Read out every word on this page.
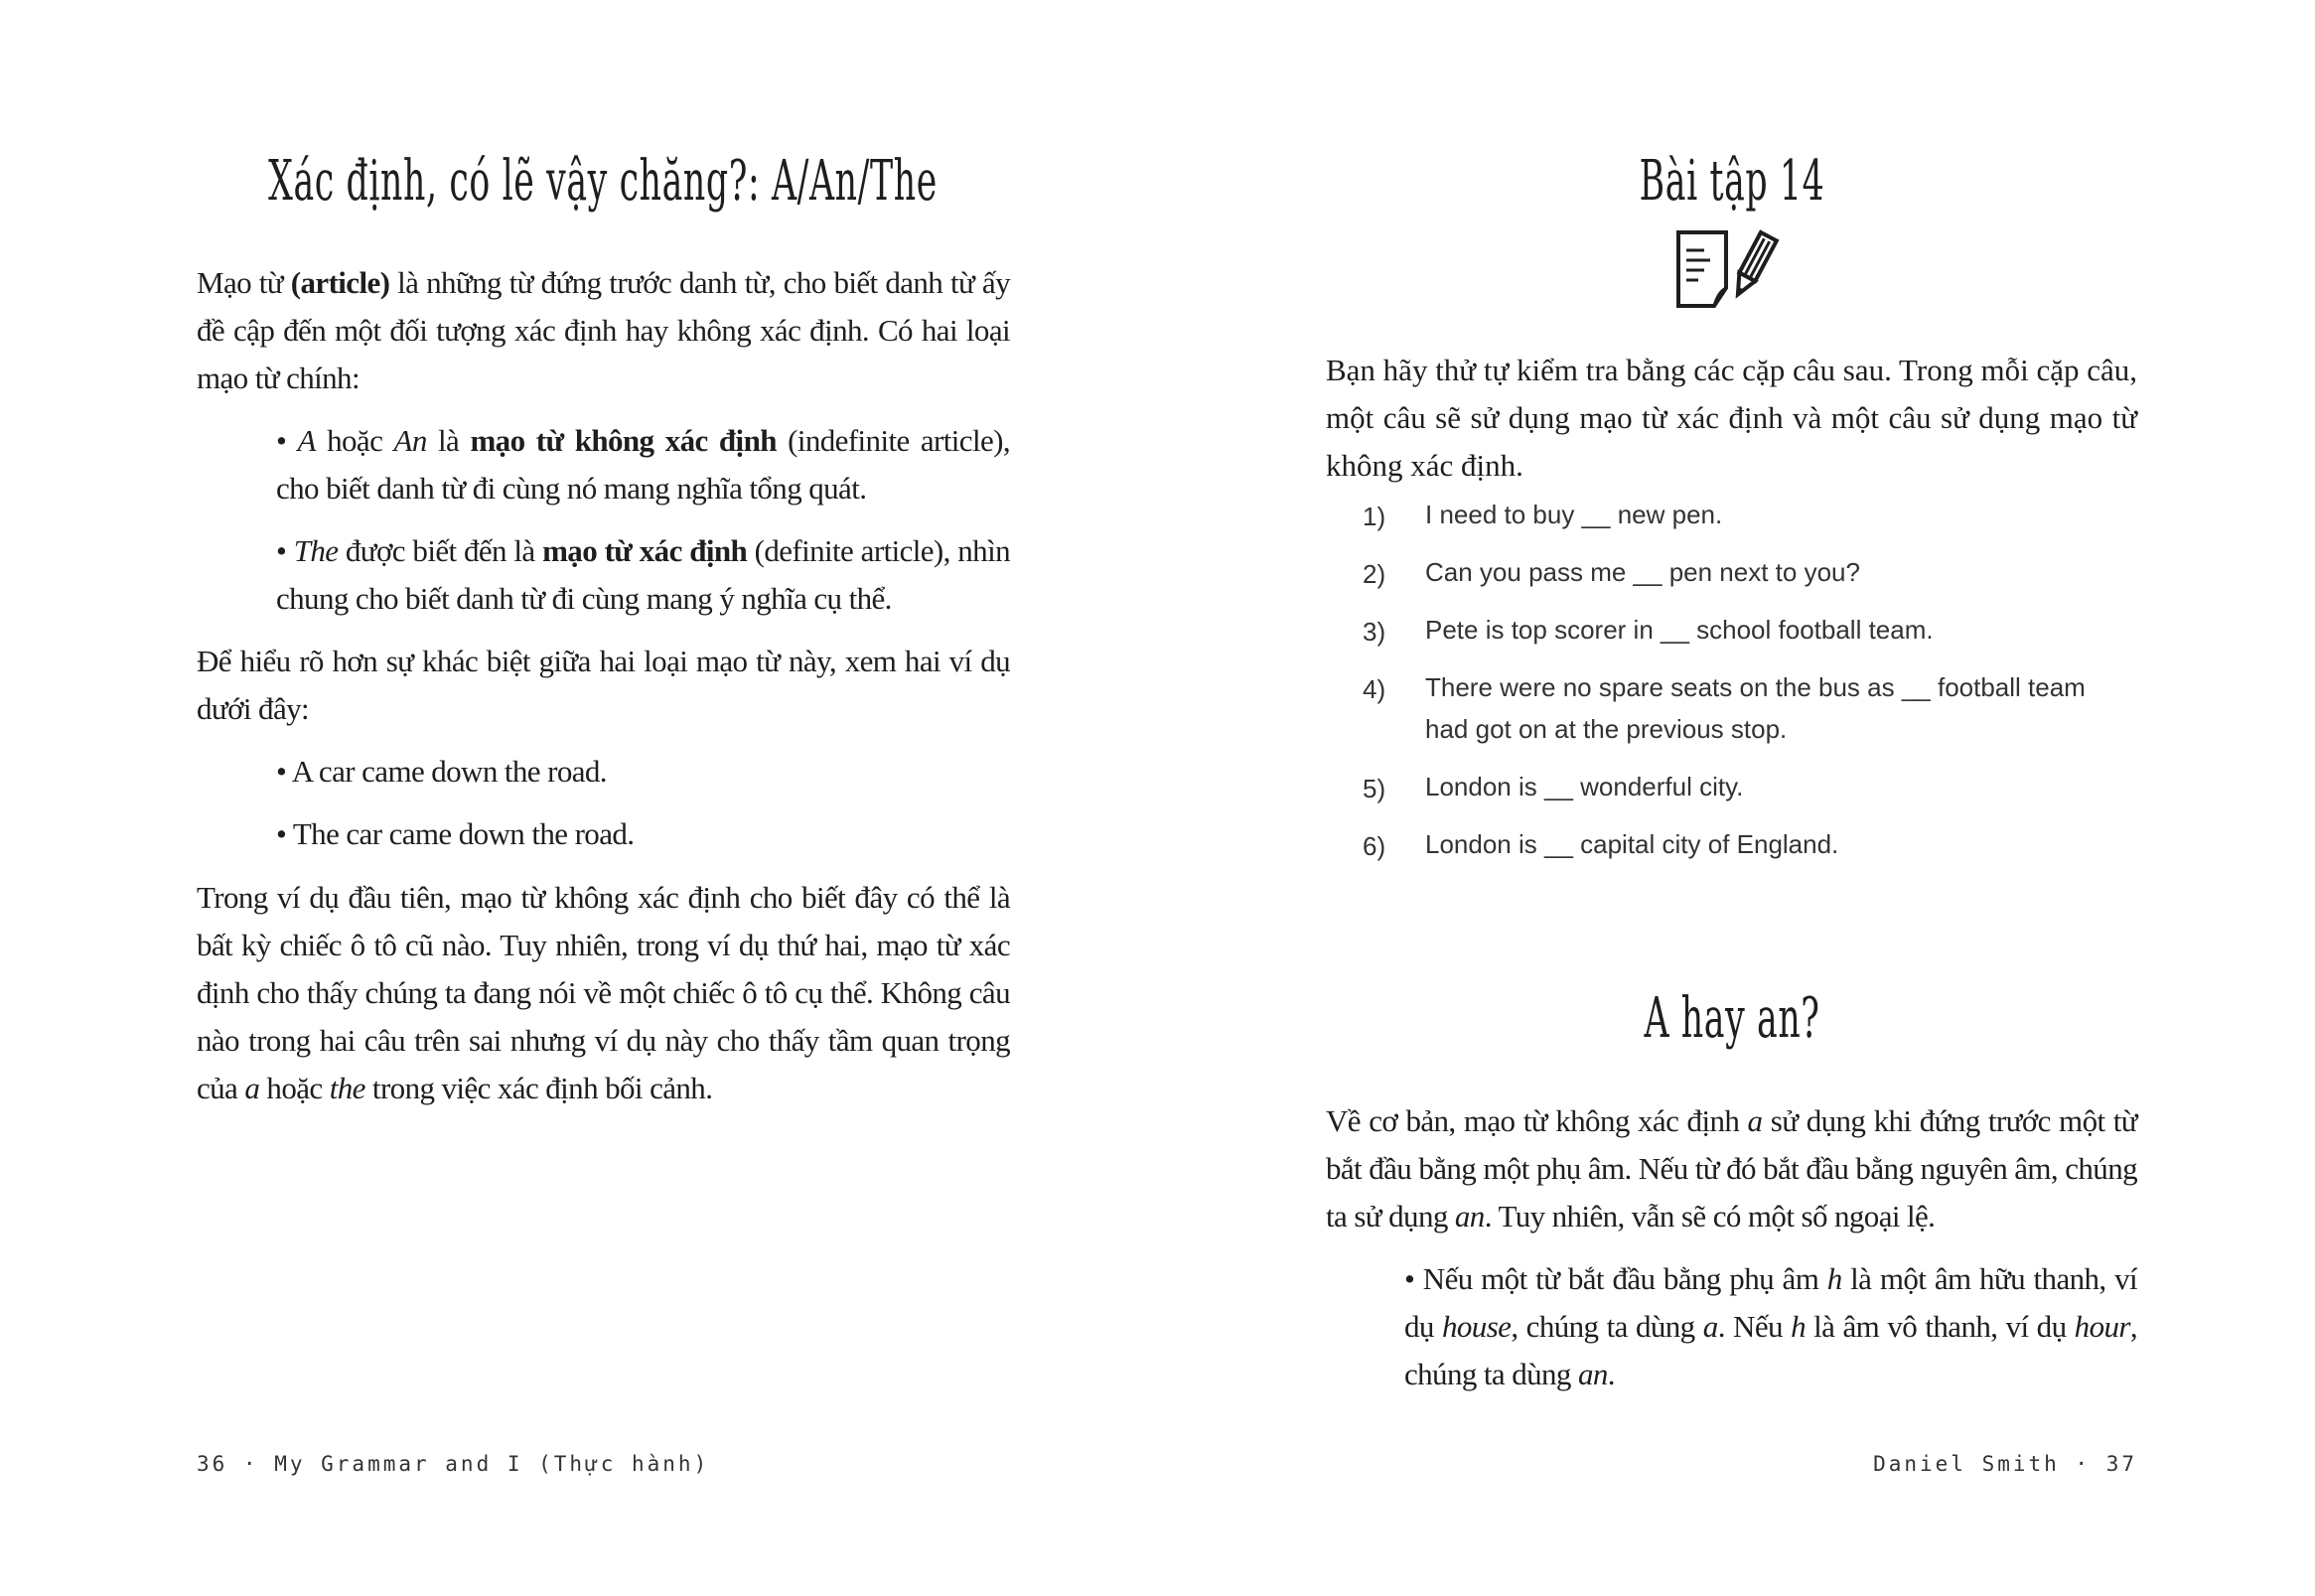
Xác định, có lẽ vậy chăng?: A/An/The
Mạo từ (article) là những từ đứng trước danh từ, cho biết danh từ ấy đề cập đến một đối tượng xác định hay không xác định. Có hai loại mạo từ chính:
• A hoặc An là mạo từ không xác định (indefinite article), cho biết danh từ đi cùng nó mang nghĩa tổng quát.
• The được biết đến là mạo từ xác định (definite article), nhìn chung cho biết danh từ đi cùng mang ý nghĩa cụ thể.
Để hiểu rõ hơn sự khác biệt giữa hai loại mạo từ này, xem hai ví dụ dưới đây:
• A car came down the road.
• The car came down the road.
Trong ví dụ đầu tiên, mạo từ không xác định cho biết đây có thể là bất kỳ chiếc ô tô cũ nào. Tuy nhiên, trong ví dụ thứ hai, mạo từ xác định cho thấy chúng ta đang nói về một chiếc ô tô cụ thể. Không câu nào trong hai câu trên sai nhưng ví dụ này cho thấy tầm quan trọng của a hoặc the trong việc xác định bối cảnh.
36 · My Grammar and I (Thực hành)
Bài tập 14
Bạn hãy thử tự kiểm tra bằng các cặp câu sau. Trong mỗi cặp câu, một câu sẽ sử dụng mạo từ xác định và một câu sử dụng mạo từ không xác định.
1) I need to buy __ new pen.
2) Can you pass me __ pen next to you?
3) Pete is top scorer in __ school football team.
4) There were no spare seats on the bus as __ football team had got on at the previous stop.
5) London is __ wonderful city.
6) London is __ capital city of England.
A hay an?
Về cơ bản, mạo từ không xác định a sử dụng khi đứng trước một từ bắt đầu bằng một phụ âm. Nếu từ đó bắt đầu bằng nguyên âm, chúng ta sử dụng an. Tuy nhiên, vẫn sẽ có một số ngoại lệ.
• Nếu một từ bắt đầu bằng phụ âm h là một âm hữu thanh, ví dụ house, chúng ta dùng a. Nếu h là âm vô thanh, ví dụ hour, chúng ta dùng an.
Daniel Smith · 37
